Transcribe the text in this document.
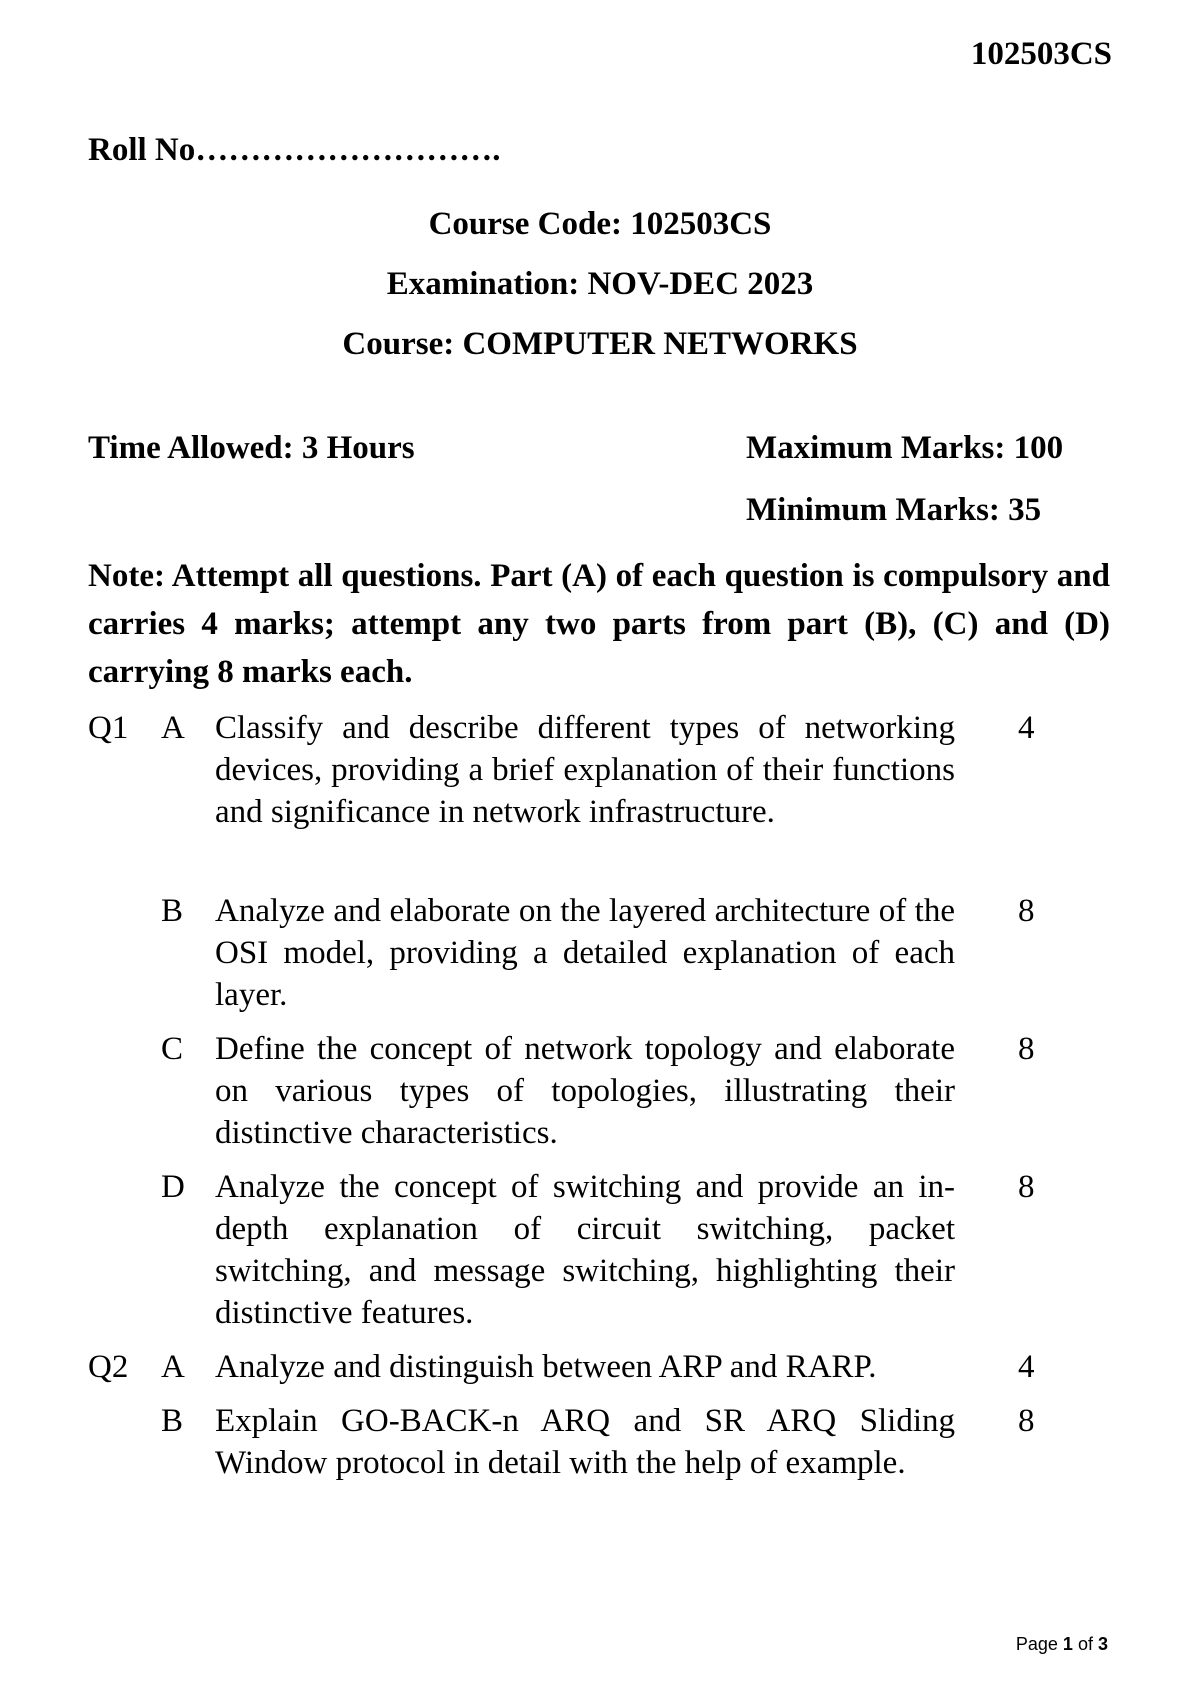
102503CS
Roll No……………………….
Course Code: 102503CS
Examination: NOV-DEC 2023
Course: COMPUTER NETWORKS
Time Allowed: 3 Hours	Maximum Marks: 100
Minimum Marks: 35
Note: Attempt all questions. Part (A) of each question is compulsory and carries 4 marks; attempt any two parts from part (B), (C) and (D) carrying 8 marks each.
Q1 A Classify and describe different types of networking devices, providing a brief explanation of their functions and significance in network infrastructure.
4
B Analyze and elaborate on the layered architecture of the OSI model, providing a detailed explanation of each layer.
8
C Define the concept of network topology and elaborate on various types of topologies, illustrating their distinctive characteristics.
8
D Analyze the concept of switching and provide an in-depth explanation of circuit switching, packet switching, and message switching, highlighting their distinctive features.
8
Q2 A Analyze and distinguish between ARP and RARP.	4
B Explain GO-BACK-n ARQ and SR ARQ Sliding Window protocol in detail with the help of example.
8
Page 1 of 3
